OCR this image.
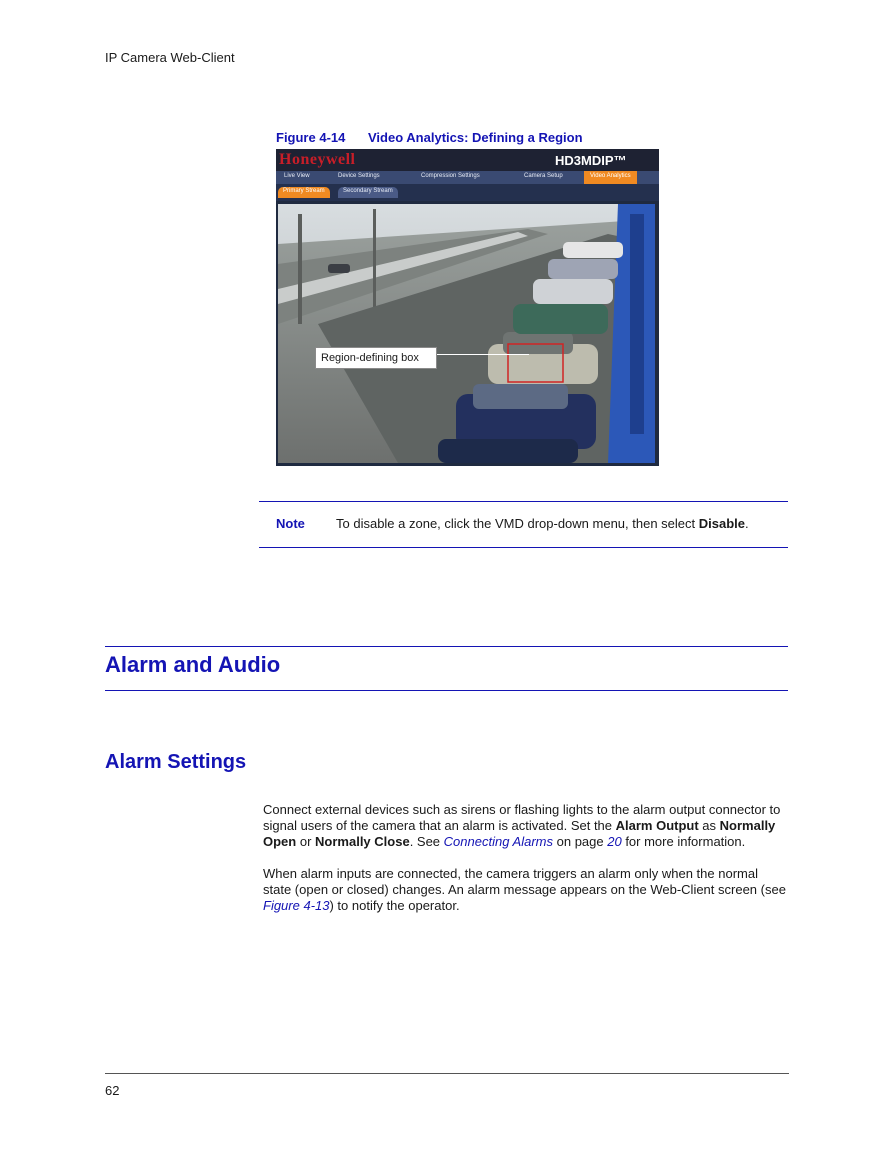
IP Camera Web-Client
Figure 4-14 Video Analytics: Defining a Region
Honeywell	HD3MDIP™
Live View	Device Settings	Compression Settings	Camera Setup	Video Analytics
Primary Stream	Secondary Stream
Region-defining box
Note To disable a zone, click the VMD drop-down menu, then select Disable.
Alarm and Audio
Alarm Settings
Connect external devices such as sirens or flashing lights to the alarm output connector to signal users of the camera that an alarm is activated. Set the Alarm Output as Normally Open or Normally Close. See Connecting Alarms on page 20 for more information.
When alarm inputs are connected, the camera triggers an alarm only when the normal state (open or closed) changes. An alarm message appears on the Web-Client screen (see Figure 4-13) to notify the operator.
62
